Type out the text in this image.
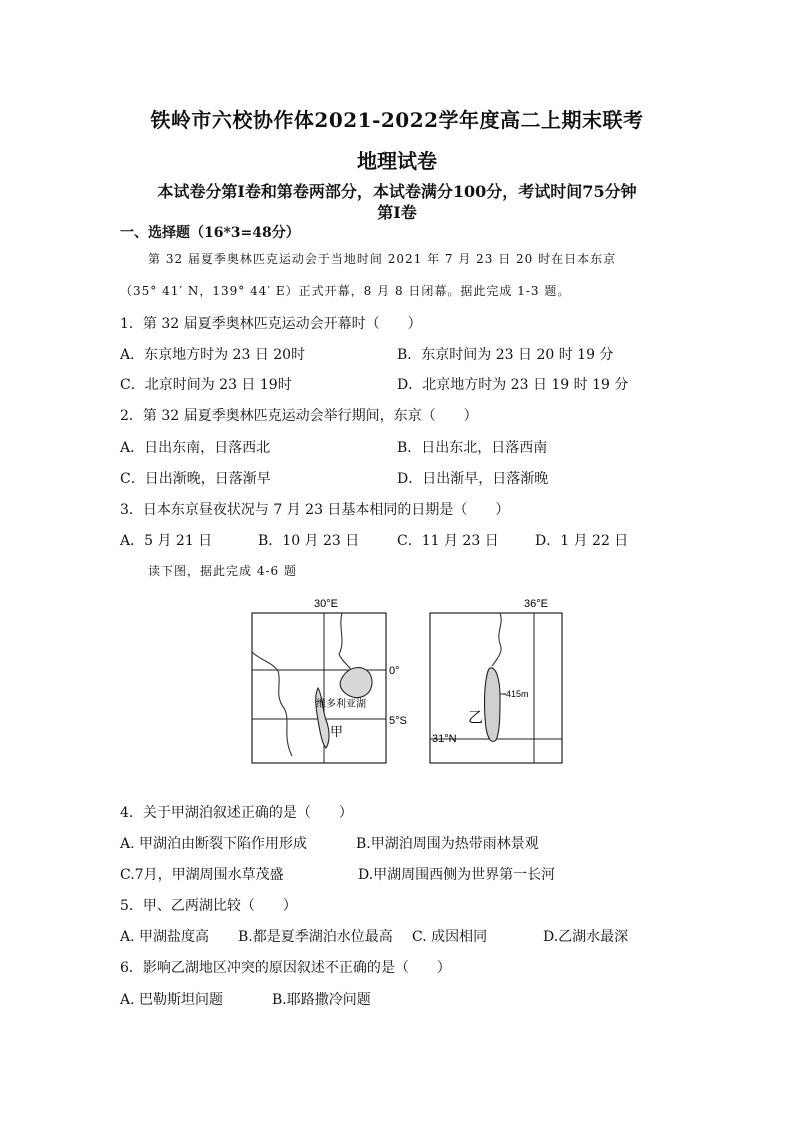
铁岭市六校协作体2021-2022学年度高二上期末联考
地理试卷
本试卷分第I卷和第卷两部分，本试卷满分100分，考试时间75分钟
第I卷
一、选择题（16*3=48分）
第 32 届夏季奥林匹克运动会于当地时间 2021 年 7 月 23 日 20 时在日本东京
（35° 41′ N，139° 44′ E）正式开幕，8 月 8 日闭幕。据此完成 1-3 题。
1．第 32 届夏季奥林匹克运动会开幕时（　　）
A．东京地方时为 23 日 20时	B．东京时间为 23 日 20 时 19 分
C．北京时间为 23 日 19时	D．北京地方时为 23 日 19 时 19 分
2．第 32 届夏季奥林匹克运动会举行期间，东京（　　）
A．日出东南，日落西北	B．日出东北，日落西南
C．日出渐晚，日落渐早	D．日出渐早，日落渐晚
3．日本东京昼夜状况与 7 月 23 日基本相同的日期是（　　）
A．5 月 21 日	B．10 月 23 日	C．11 月 23 日	D．1 月 22 日
读下图，据此完成 4-6 题
30°E
0°
5°S
维多利亚湖
甲
36°E
31°N
-415m
乙
4．关于甲湖泊叙述正确的是（　　）
A. 甲湖泊由断裂下陷作用形成	B.甲湖泊周围为热带雨林景观
C.7月，甲湖周围水草茂盛	D.甲湖周围西侧为世界第一长河
5．甲、乙两湖比较（　　）
A. 甲湖盐度高 B.都是夏季湖泊水位最高 C. 成因相同	D.乙湖水最深
6．影响乙湖地区冲突的原因叙述不正确的是（　　）
A. 巴勒斯坦问题	B.耶路撒冷问题
